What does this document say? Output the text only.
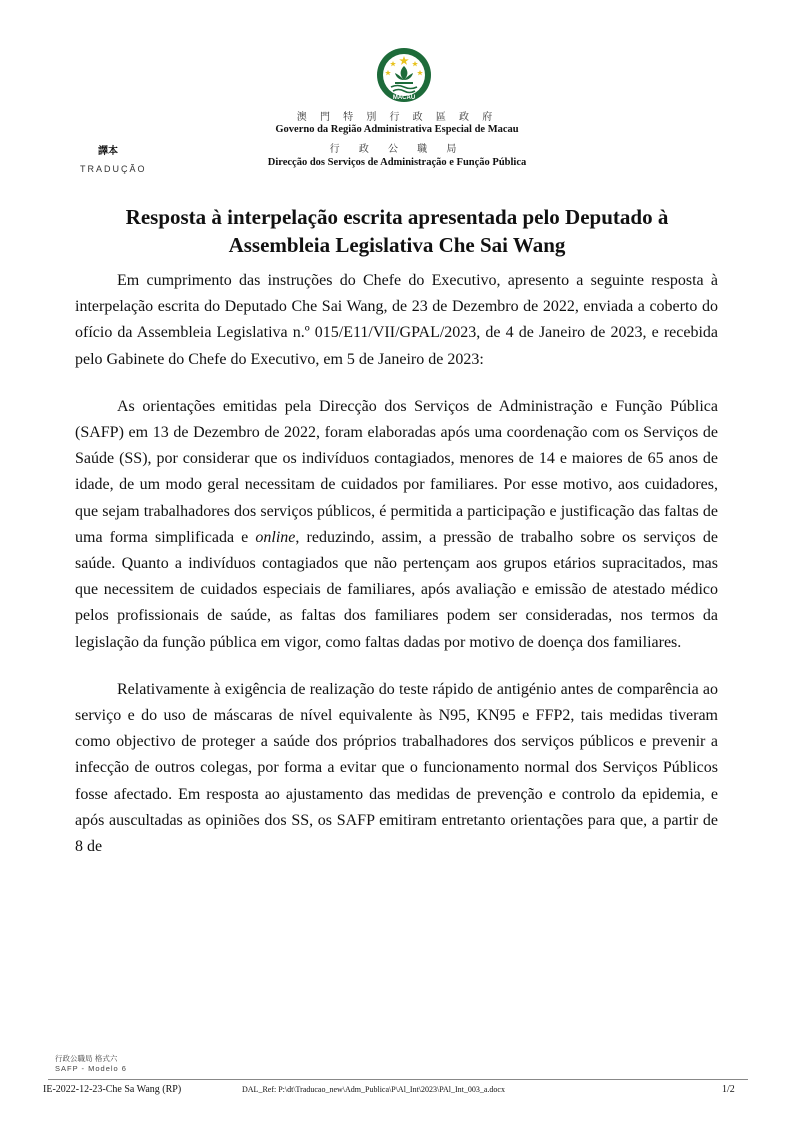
MACAU
澳 門 特 別 行 政 區 政 府
Governo da Região Administrativa Especial de Macau
行 政 公 職 局
Direcção dos Serviços de Administração e Função Pública
譯本
TRADUÇÃO
Resposta à interpelação escrita apresentada pelo Deputado à
Assembleia Legislativa Che Sai Wang

Em cumprimento das instruções do Chefe do Executivo, apresento a seguinte resposta à interpelação escrita do Deputado Che Sai Wang, de 23 de Dezembro de 2022, enviada a coberto do ofício da Assembleia Legislativa n.º 015/E11/VII/GPAL/2023, de 4 de Janeiro de 2023, e recebida pelo Gabinete do Chefe do Executivo, em 5 de Janeiro de 2023:

As orientações emitidas pela Direcção dos Serviços de Administração e Função Pública (SAFP) em 13 de Dezembro de 2022, foram elaboradas após uma coordenação com os Serviços de Saúde (SS), por considerar que os indivíduos contagiados, menores de 14 e maiores de 65 anos de idade, de um modo geral necessitam de cuidados por familiares. Por esse motivo, aos cuidadores, que sejam trabalhadores dos serviços públicos, é permitida a participação e justificação das faltas de uma forma simplificada e online, reduzindo, assim, a pressão de trabalho sobre os serviços de saúde. Quanto a indivíduos contagiados que não pertençam aos grupos etários supracitados, mas que necessitem de cuidados especiais de familiares, após avaliação e emissão de atestado médico pelos profissionais de saúde, as faltas dos familiares podem ser consideradas, nos termos da legislação da função pública em vigor, como faltas dadas por motivo de doença dos familiares.

Relativamente à exigência de realização do teste rápido de antigénio antes de comparência ao serviço e do uso de máscaras de nível equivalente às N95, KN95 e FFP2, tais medidas tiveram como objectivo de proteger a saúde dos próprios trabalhadores dos serviços públicos e prevenir a infecção de outros colegas, por forma a evitar que o funcionamento normal dos Serviços Públicos fosse afectado. Em resposta ao ajustamento das medidas de prevenção e controlo da epidemia, e após auscultadas as opiniões dos SS, os SAFP emitiram entretanto orientações para que, a partir de 8 de

行政公職局 格式六
SAFP - Modelo 6
IE-2022-12-23-Che Sa Wang (RP)	DAL_Ref: P:\dt\Traducao_new\Adm_Publica\P\Al_Int\2023\PAl_Int_003_a.docx	1/2
